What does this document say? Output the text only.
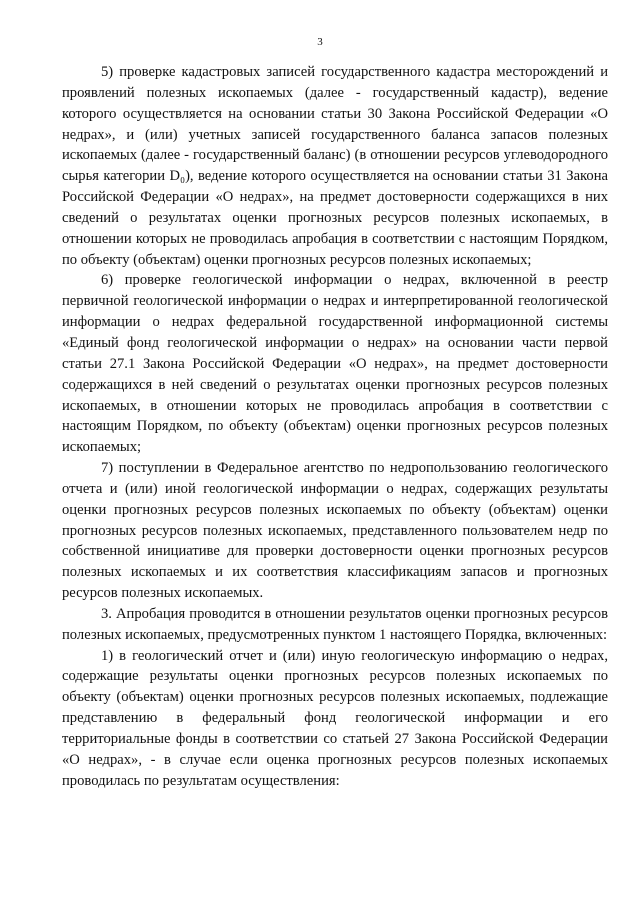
3

5) проверке кадастровых записей государственного кадастра месторождений и проявлений полезных ископаемых (далее - государственный кадастр), ведение которого осуществляется на основании статьи 30 Закона Российской Федерации «О недрах», и (или) учетных записей государственного баланса запасов полезных ископаемых (далее - государственный баланс) (в отношении ресурсов углеводородного сырья категории D₀), ведение которого осуществляется на основании статьи 31 Закона Российской Федерации «О недрах», на предмет достоверности содержащихся в них сведений о результатах оценки прогнозных ресурсов полезных ископаемых, в отношении которых не проводилась апробация в соответствии с настоящим Порядком, по объекту (объектам) оценки прогнозных ресурсов полезных ископаемых;

6) проверке геологической информации о недрах, включенной в реестр первичной геологической информации о недрах и интерпретированной геологической информации о недрах федеральной государственной информационной системы «Единый фонд геологической информации о недрах» на основании части первой статьи 27.1 Закона Российской Федерации «О недрах», на предмет достоверности содержащихся в ней сведений о результатах оценки прогнозных ресурсов полезных ископаемых, в отношении которых не проводилась апробация в соответствии с настоящим Порядком, по объекту (объектам) оценки прогнозных ресурсов полезных ископаемых;

7) поступлении в Федеральное агентство по недропользованию геологического отчета и (или) иной геологической информации о недрах, содержащих результаты оценки прогнозных ресурсов полезных ископаемых по объекту (объектам) оценки прогнозных ресурсов полезных ископаемых, представленного пользователем недр по собственной инициативе для проверки достоверности оценки прогнозных ресурсов полезных ископаемых и их соответствия классификациям запасов и прогнозных ресурсов полезных ископаемых.

3. Апробация проводится в отношении результатов оценки прогнозных ресурсов полезных ископаемых, предусмотренных пунктом 1 настоящего Порядка, включенных:

1) в геологический отчет и (или) иную геологическую информацию о недрах, содержащие результаты оценки прогнозных ресурсов полезных ископаемых по объекту (объектам) оценки прогнозных ресурсов полезных ископаемых, подлежащие представлению в федеральный фонд геологической информации и его территориальные фонды в соответствии со статьей 27 Закона Российской Федерации «О недрах», - в случае если оценка прогнозных ресурсов полезных ископаемых проводилась по результатам осуществления:
